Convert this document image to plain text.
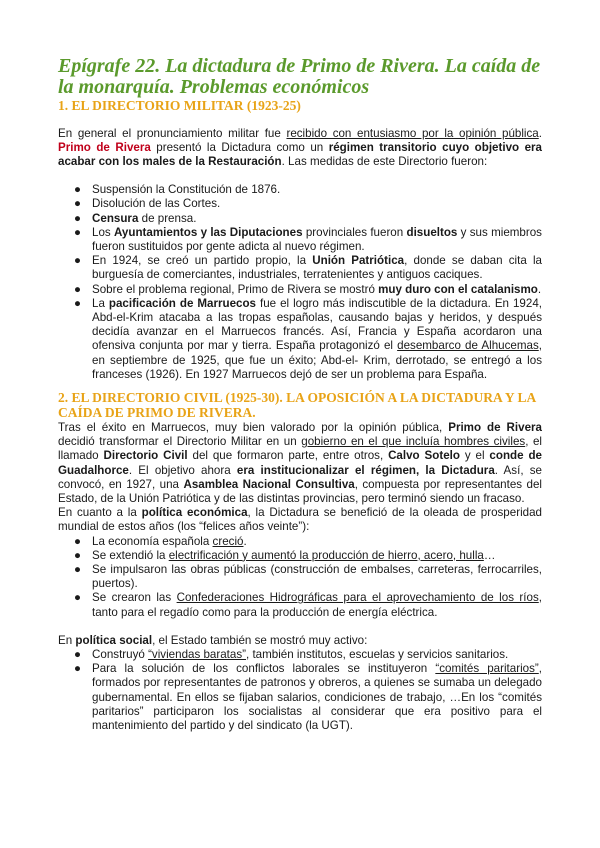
Epígrafe 22. La dictadura de Primo de Rivera. La caída de la monarquía. Problemas económicos
1. EL DIRECTORIO MILITAR (1923-25)

En general el pronunciamiento militar fue recibido con entusiasmo por la opinión pública. Primo de Rivera presentó la Dictadura como un régimen transitorio cuyo objetivo era acabar con los males de la Restauración. Las medidas de este Directorio fueron:

● Suspensión la Constitución de 1876.
● Disolución de las Cortes.
● Censura de prensa.
● Los Ayuntamientos y las Diputaciones provinciales fueron disueltos y sus miembros fueron sustituidos por gente adicta al nuevo régimen.
● En 1924, se creó un partido propio, la Unión Patriótica, donde se daban cita la burguesía de comerciantes, industriales, terratenientes y antiguos caciques.
● Sobre el problema regional, Primo de Rivera se mostró muy duro con el catalanismo.
● La pacificación de Marruecos fue el logro más indiscutible de la dictadura. En 1924, Abd-el-Krim atacaba a las tropas españolas, causando bajas y heridos, y después decidía avanzar en el Marruecos francés. Así, Francia y España acordaron una ofensiva conjunta por mar y tierra. España protagonizó el desembarco de Alhucemas, en septiembre de 1925, que fue un éxito; Abd-el- Krim, derrotado, se entregó a los franceses (1926). En 1927 Marruecos dejó de ser un problema para España.
2. EL DIRECTORIO CIVIL (1925-30). LA OPOSICIÓN A LA DICTADURA Y LA CAÍDA DE PRIMO DE RIVERA.

Tras el éxito en Marruecos, muy bien valorado por la opinión pública, Primo de Rivera decidió transformar el Directorio Militar en un gobierno en el que incluía hombres civiles, el llamado Directorio Civil del que formaron parte, entre otros, Calvo Sotelo y el conde de Guadalhorce. El objetivo ahora era institucionalizar el régimen, la Dictadura. Así, se convocó, en 1927, una Asamblea Nacional Consultiva, compuesta por representantes del Estado, de la Unión Patriótica y de las distintas provincias, pero terminó siendo un fracaso.

En cuanto a la política económica, la Dictadura se benefició de la oleada de prosperidad mundial de estos años (los “felices años veinte”):

● La economía española creció.
● Se extendió la electrificación y aumentó la producción de hierro, acero, hulla…
● Se impulsaron las obras públicas (construcción de embalses, carreteras, ferrocarriles, puertos).
● Se crearon las Confederaciones Hidrográficas para el aprovechamiento de los ríos, tanto para el regadío como para la producción de energía eléctrica.

En política social, el Estado también se mostró muy activo:

● Construyó “viviendas baratas”, también institutos, escuelas y servicios sanitarios.
● Para la solución de los conflictos laborales se instituyeron “comités paritarios”, formados por representantes de patronos y obreros, a quienes se sumaba un delegado gubernamental. En ellos se fijaban salarios, condiciones de trabajo, …En los “comités paritarios” participaron los socialistas al considerar que era positivo para el mantenimiento del partido y del sindicato (la UGT).
